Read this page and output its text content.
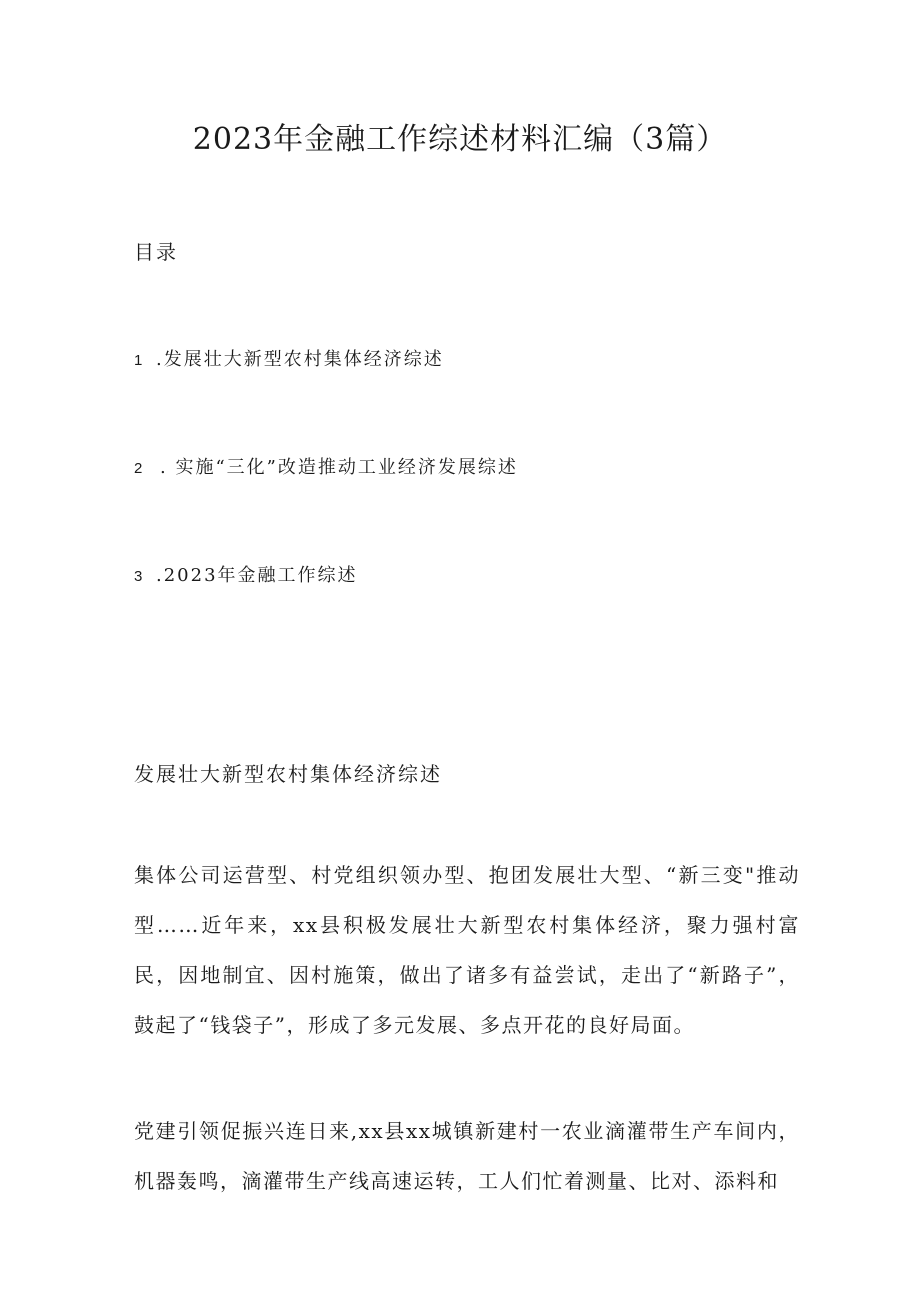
2023年金融工作综述材料汇编（3篇）
目录
1 .发展壮大新型农村集体经济综述
2 . 实施“三化”改造推动工业经济发展综述
3 .2023年金融工作综述
发展壮大新型农村集体经济综述
集体公司运营型、村党组织领办型、抱团发展壮大型、“新三变"推动型……近年来，xx县积极发展壮大新型农村集体经济，聚力强村富民，因地制宜、因村施策，做出了诸多有益尝试，走出了“新路子”，鼓起了“钱袋子”，形成了多元发展、多点开花的良好局面。
党建引领促振兴连日来,xx县xx城镇新建村一农业滴灌带生产车间内，机器轰鸣，滴灌带生产线高速运转，工人们忙着测量、比对、添料和
